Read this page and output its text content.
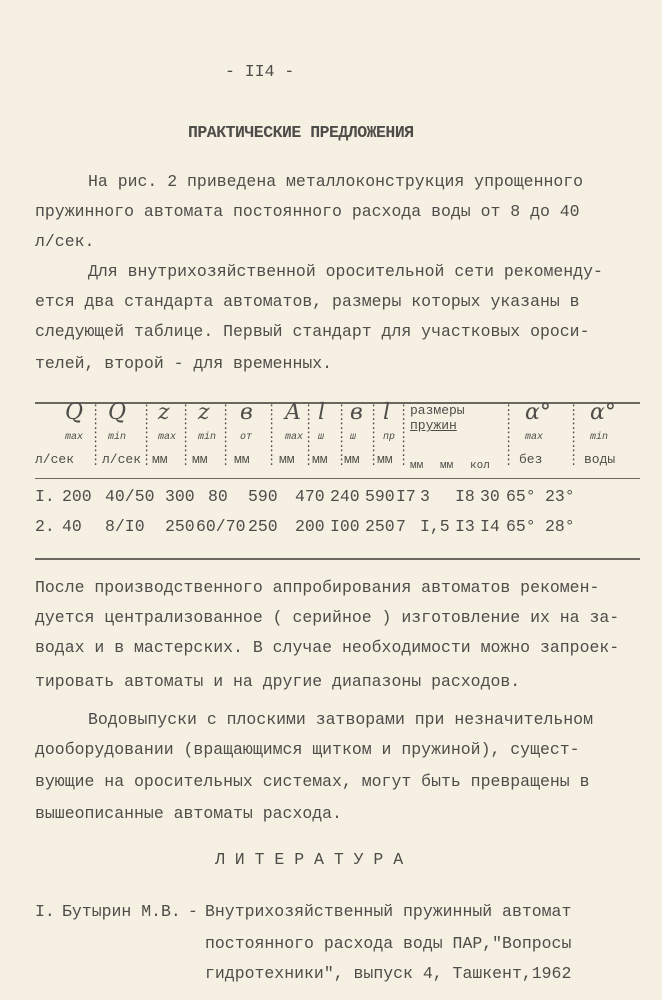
- II4 -
ПРАКТИЧЕСКИЕ ПРЕДЛОЖЕНИЯ
На рис. 2 приведена металлоконструкция упрощенного
пружинного автомата постоянного расхода воды от 8 до 40
л/сек.
Для внутрихозяйственной оросительной сети рекоменду-
ется два стандарта автоматов, размеры которых указаны в
следующей таблице. Первый стандарт для участковых ороси-
телей, второй - для временных.
Q
max
л/сек
Q
min
л/сек
z
max
мм
z
min
мм
в
от
мм
A
max
мм
l
ш
мм
в
ш
мм
l
пр
мм
α°
max
без
α°
min
воды
:
:
:
:
:
:
:
:
:
:
:
:
:
:
:
:
:
:
:
:
:
:
:
:
:
:
:
:
:
:
:
:
:
:
:
:
:
:
:
:
:
:
:
:
:
:
:
:
:
:
:
:
:
:
:
:
:
:
:
:
:
:
:
:
:
:
:
:
:
:
:
:
:
:
:
:
:
размеры
пружин
мм мм кол
I. 200 40/50 300 80 590 470 240 590 I7 3 I8 30 65° 23°
2. 40 8/I0 250 60/70 250 200 I00 250 7 I,5 I3 I4 65° 28°
После производственного аппробирования автоматов рекомен-
дуется централизованное ( серийное ) изготовление их на за-
водах и в мастерских. В случае необходимости можно запроек-
тировать автоматы и на другие диапазоны расходов.
Водовыпуски с плоскими затворами при незначительном
дооборудовании (вращающимся щитком и пружиной), сущест-
вующие на оросительных системах, могут быть превращены в
вышеописанные автоматы расхода.
Л И Т Е Р А Т У Р А
I. Бутырин М.В. - Внутрихозяйственный пружинный автомат
постоянного расхода воды ПАР,"Вопросы
гидротехники", выпуск 4, Ташкент,1962
